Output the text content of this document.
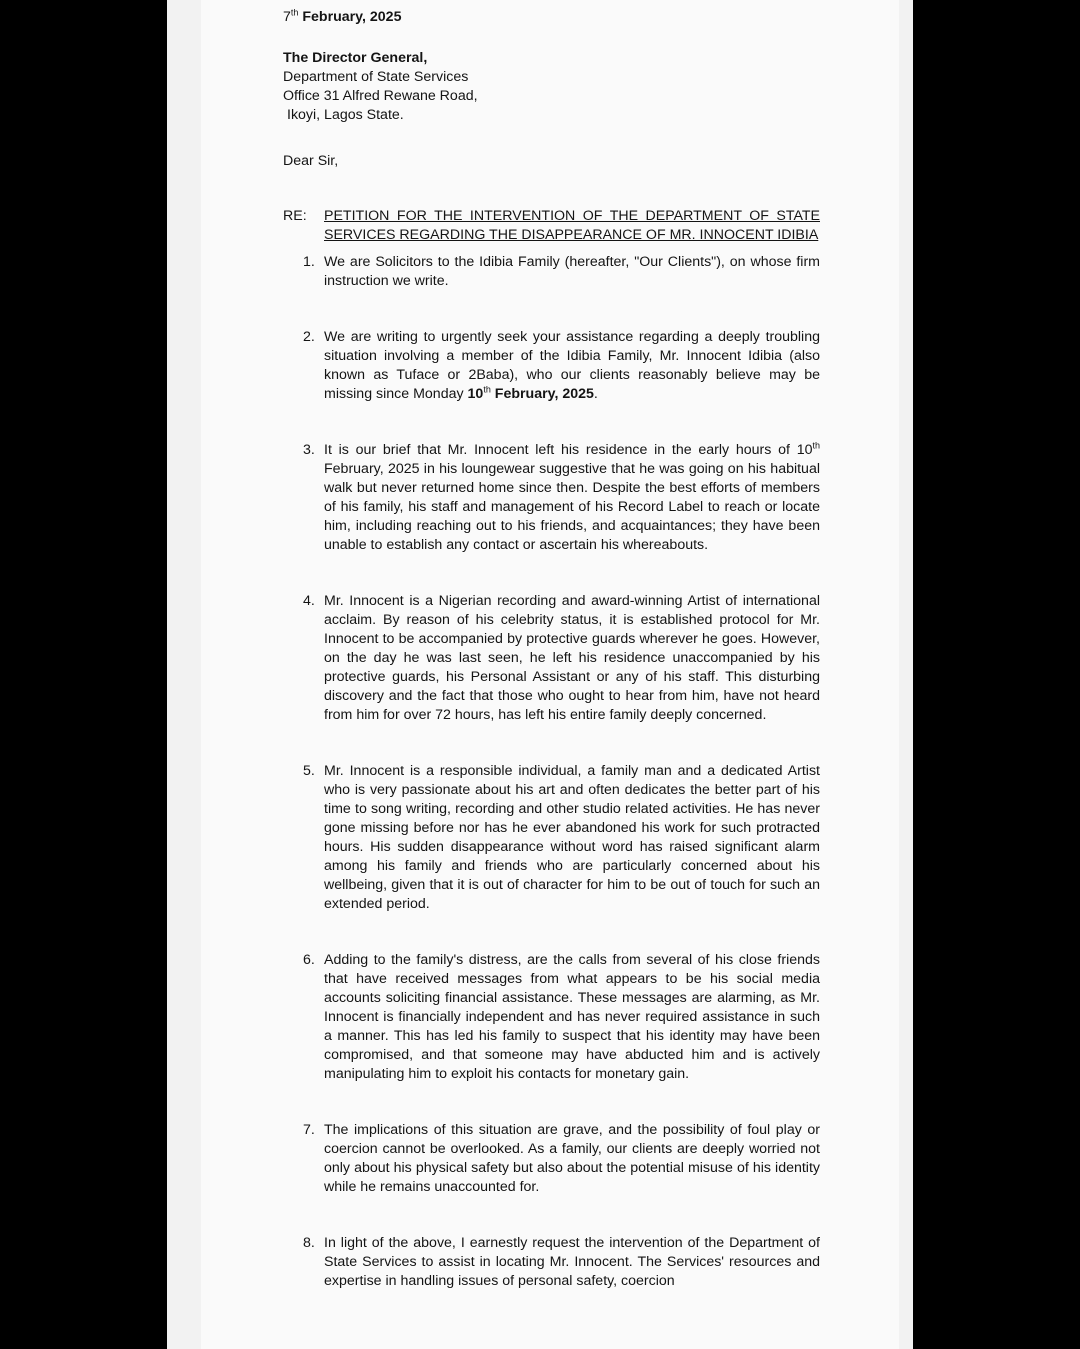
7th February, 2025
The Director General,
Department of State Services
Office 31 Alfred Rewane Road,
Ikoyi, Lagos State.
Dear Sir,
RE:	PETITION FOR THE INTERVENTION OF THE DEPARTMENT OF STATE
SERVICES REGARDING THE DISAPPEARANCE OF MR. INNOCENT IDIBIA
1. We are Solicitors to the Idibia Family (hereafter, "Our Clients"), on whose firm instruction we write.
2. We are writing to urgently seek your assistance regarding a deeply troubling situation involving a member of the Idibia Family, Mr. Innocent Idibia (also known as Tuface or 2Baba), who our clients reasonably believe may be missing since Monday 10th February, 2025.
3. It is our brief that Mr. Innocent left his residence in the early hours of 10th February, 2025 in his loungewear suggestive that he was going on his habitual walk but never returned home since then. Despite the best efforts of members of his family, his staff and management of his Record Label to reach or locate him, including reaching out to his friends, and acquaintances; they have been unable to establish any contact or ascertain his whereabouts.
4. Mr. Innocent is a Nigerian recording and award-winning Artist of international acclaim. By reason of his celebrity status, it is established protocol for Mr. Innocent to be accompanied by protective guards wherever he goes. However, on the day he was last seen, he left his residence unaccompanied by his protective guards, his Personal Assistant or any of his staff. This disturbing discovery and the fact that those who ought to hear from him, have not heard from him for over 72 hours, has left his entire family deeply concerned.
5. Mr. Innocent is a responsible individual, a family man and a dedicated Artist who is very passionate about his art and often dedicates the better part of his time to song writing, recording and other studio related activities. He has never gone missing before nor has he ever abandoned his work for such protracted hours. His sudden disappearance without word has raised significant alarm among his family and friends who are particularly concerned about his wellbeing, given that it is out of character for him to be out of touch for such an extended period.
6. Adding to the family's distress, are the calls from several of his close friends that have received messages from what appears to be his social media accounts soliciting financial assistance. These messages are alarming, as Mr. Innocent is financially independent and has never required assistance in such a manner. This has led his family to suspect that his identity may have been compromised, and that someone may have abducted him and is actively manipulating him to exploit his contacts for monetary gain.
7. The implications of this situation are grave, and the possibility of foul play or coercion cannot be overlooked. As a family, our clients are deeply worried not only about his physical safety but also about the potential misuse of his identity while he remains unaccounted for.
8. In light of the above, I earnestly request the intervention of the Department of State Services to assist in locating Mr. Innocent. The Services' resources and expertise in handling issues of personal safety, coercion
